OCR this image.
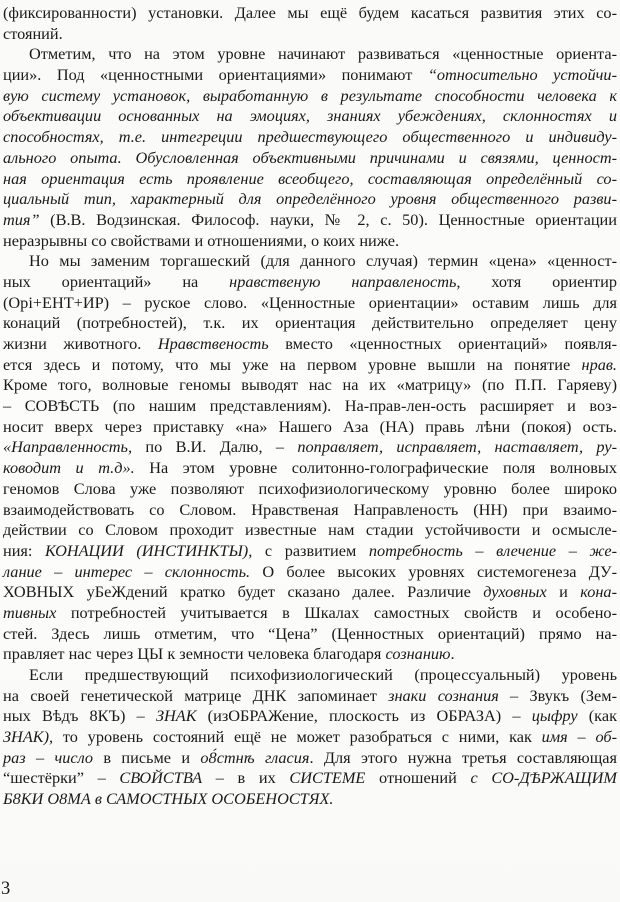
(фиксированности) установки. Далее мы ещё будем касаться развития этих со-
стояний.
Отметим, что на этом уровне начинают развиваться «ценностные ориента-
ции». Под «ценностными ориентациями» понимают “относительно устойчи-
вую систему установок, выработанную в результате способности человека к
объективации основанных на эмоциях, знаниях убеждениях, склонностях и
способностях, т.е. интегреции предшествующего общественного и индивиду-
ального опыта. Обусловленная объективными причинами и связями, ценност-
ная ориентация есть проявление всеобщего, составляющая определённый со-
циальный тип, характерный для определённого уровня общественного разви-
тия” (В.В. Водзинская. Философ. науки, № 2, с. 50). Ценностные ориентации
неразрывны со свойствами и отношениями, о коих ниже.
Но мы заменим торгашеский (для данного случая) термин «цена» «ценност-
ных ориентаций» на нравственую направленость, хотя ориентир
(Орi+ЕНТ+ИР) – руское слово. «Ценностные ориентации» оставим лишь для
конаций (потребностей), т.к. их ориентация действительно определяет цену
жизни животного. Нравственость вместо «ценностных ориентаций» появля-
ется здесь и потому, что мы уже на первом уровне вышли на понятие нрав.
Кроме того, волновые геномы выводят нас на их «матрицу» (по П.П. Гаряеву)
– СОВѢСТЬ (по нашим представлениям). На-прав-лен-ость расширяет и воз-
носит вверх через приставку «на» Нашего Аза (НА) правь лѣни (покоя) ость.
«Направленность, по В.И. Далю, – поправляет, исправляет, наставляет, ру-
ководит и т.д». На этом уровне солитонно-голографические поля волновых
геномов Слова уже позволяют психофизиологическому уровню более широко
взаимодействовать со Словом. Нравственая Направленость (НН) при взаимо-
действии со Словом проходит известные нам стадии устойчивости и осмысле-
ния: КОНАЦИИ (ИНСТИНКТЫ), с развитием потребность – влечение – же-
лание – интерес – склонность. О более высоких уровнях системогенеза ДУ-
ХОВНЫХ уБеЖдений кратко будет сказано далее. Различие духовных и кона-
тивных потребностей учитывается в Шкалах самостных свойств и особено-
стей. Здесь лишь отметим, что “Цена” (Ценностных ориентаций) прямо на-
правляет нас через ЦЫ к земности человека благодаря сознанию.
Если предшествующий психофизиологический (процессуальный) уровень
на своей генетической матрице ДНК запоминает знаки сознания – Звукъ (Зем-
ных Вѣдъ 8КЪ) – ЗНАК (изОБРАЖение, плоскость из ОБРАЗА) – цыфру (как
ЗНАК), то уровень состояний ещё не может разобраться с ними, как имя – об-
раз – число в письме и о8́стнѣ гласия. Для этого нужна третья составляющая
“шестёрки” – СВОЙСТВА – в их СИСТЕМЕ отношений с СО-ДѢРЖАЩИМ
Б8КИ О8МА в САМОСТНЫХ ОСОБЕНОСТЯХ.
3
